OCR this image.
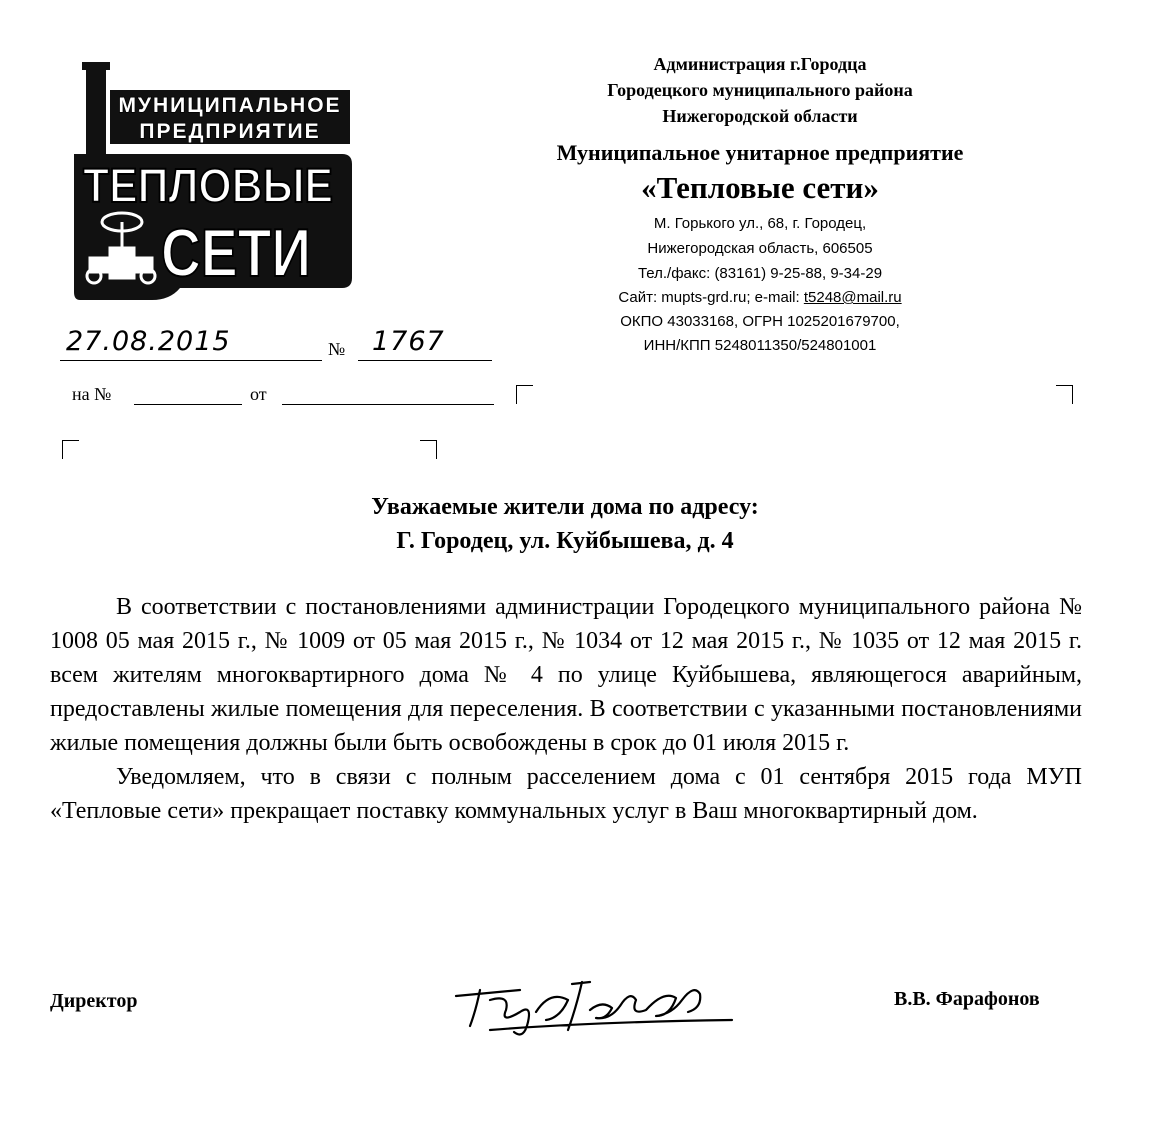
МУНИЦИПАЛЬНОЕ
ПРЕДПРИЯТИЕ
ТЕПЛОВЫЕ
СЕТИ
Администрация г.Городца
Городецкого муниципального района
Нижегородской области
Муниципальное унитарное предприятие
«Тепловые сети»
М. Горького ул., 68, г. Городец,
Нижегородская область, 606505
Тел./факс: (83161) 9-25-88, 9-34-29
Сайт: mupts-grd.ru; e-mail: t5248@mail.ru
ОКПО 43033168, ОГРН 1025201679700,
ИНН/КПП 5248011350/524801001
27.08.2015	№ 1767
на №	от
Уважаемые жители дома по адресу:
Г. Городец, ул. Куйбышева, д. 4

В соответствии с постановлениями администрации Городецкого муниципального района № 1008 05 мая 2015 г., № 1009 от 05 мая 2015 г., № 1034 от 12 мая 2015 г., № 1035 от 12 мая 2015 г. всем жителям многоквартирного дома № 4 по улице Куйбышева, являющегося аварийным, предоставлены жилые помещения для переселения. В соответствии с указанными постановлениями жилые помещения должны были быть освобождены в срок до 01 июля 2015 г.

Уведомляем, что в связи с полным расселением дома с 01 сентября 2015 года МУП «Тепловые сети» прекращает поставку коммунальных услуг в Ваш многоквартирный дом.

Директор	В.В. Фарафонов
